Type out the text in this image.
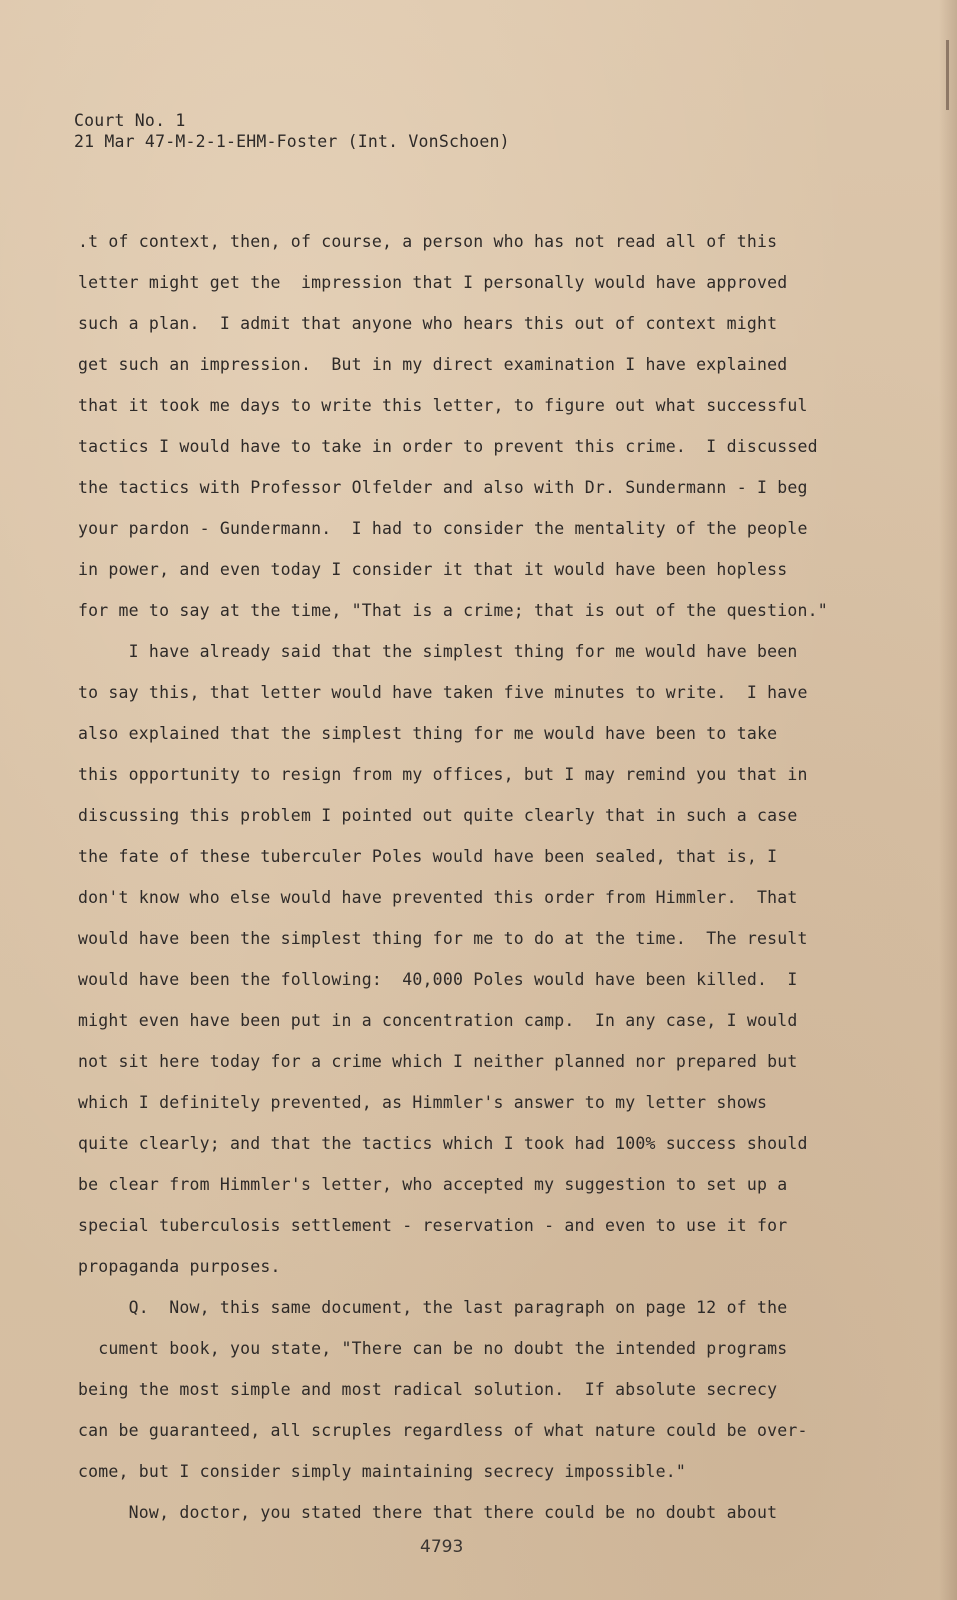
Court No. 1
21 Mar 47-M-2-1-EHM-Foster (Int. VonSchoen)
.t of context, then, of course, a person who has not read all of this
letter might get the  impression that I personally would have approved
such a plan.  I admit that anyone who hears this out of context might
get such an impression.  But in my direct examination I have explained
that it took me days to write this letter, to figure out what successful
tactics I would have to take in order to prevent this crime.  I discussed
the tactics with Professor Olfelder and also with Dr. Sundermann - I beg
your pardon - Gundermann.  I had to consider the mentality of the people
in power, and even today I consider it that it would have been hopless
for me to say at the time, "That is a crime; that is out of the question."
I have already said that the simplest thing for me would have been
to say this, that letter would have taken five minutes to write.  I have
also explained that the simplest thing for me would have been to take
this opportunity to resign from my offices, but I may remind you that in
discussing this problem I pointed out quite clearly that in such a case
the fate of these tuberculer Poles would have been sealed, that is, I
don't know who else would have prevented this order from Himmler.  That
would have been the simplest thing for me to do at the time.  The result
would have been the following:  40,000 Poles would have been killed.  I
might even have been put in a concentration camp.  In any case, I would
not sit here today for a crime which I neither planned nor prepared but
which I definitely prevented, as Himmler's answer to my letter shows
quite clearly; and that the tactics which I took had 100% success should
be clear from Himmler's letter, who accepted my suggestion to set up a
special tuberculosis settlement - reservation - and even to use it for
propaganda purposes.
Q.  Now, this same document, the last paragraph on page 12 of the
cument book, you state, "There can be no doubt the intended programs
being the most simple and most radical solution.  If absolute secrecy
can be guaranteed, all scruples regardless of what nature could be over-
come, but I consider simply maintaining secrecy impossible."
Now, doctor, you stated there that there could be no doubt about
4793
